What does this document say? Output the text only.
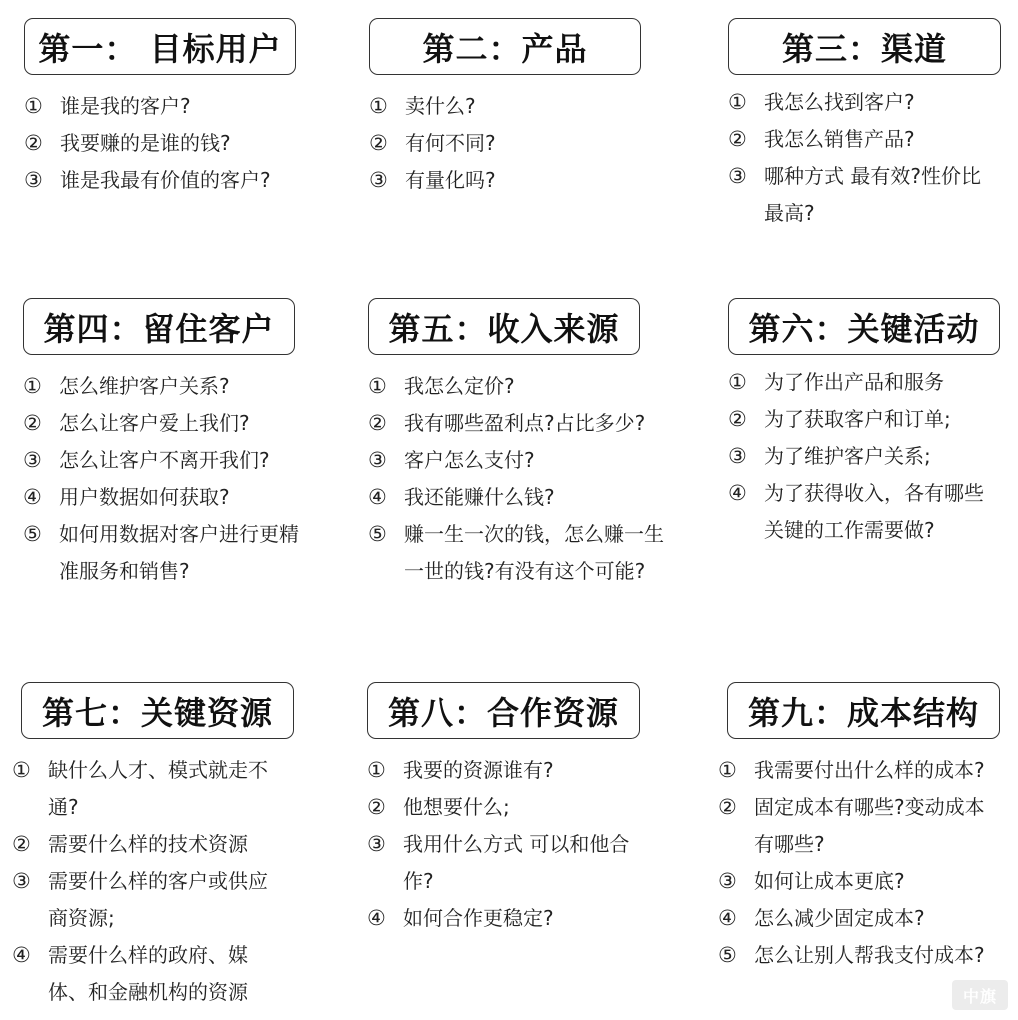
第一： 目标用户
① 谁是我的客户?
② 我要赚的是谁的钱?
③ 谁是我最有价值的客户?
第二：产品
① 卖什么?
② 有何不同?
③ 有量化吗?
第三：渠道
① 我怎么找到客户?
② 我怎么销售产品?
③ 哪种方式 最有效?性价比最高?
第四：留住客户
① 怎么维护客户关系?
② 怎么让客户爱上我们?
③ 怎么让客户不离开我们?
④ 用户数据如何获取?
⑤ 如何用数据对客户进行更精准服务和销售?
第五：收入来源
① 我怎么定价?
② 我有哪些盈利点?占比多少?
③ 客户怎么支付?
④ 我还能赚什么钱?
⑤ 赚一生一次的钱，怎么赚一生一世的钱?有没有这个可能?
第六：关键活动
① 为了作出产品和服务
② 为了获取客户和订单;
③ 为了维护客户关系;
④ 为了获得收入，各有哪些关键的工作需要做?
第七：关键资源
① 缺什么人才、模式就走不通?
② 需要什么样的技术资源
③ 需要什么样的客户或供应商资源;
④ 需要什么样的政府、媒体、和金融机构的资源
第八：合作资源
① 我要的资源谁有?
② 他想要什么;
③ 我用什么方式 可以和他合作?
④ 如何合作更稳定?
第九：成本结构
① 我需要付出什么样的成本?
② 固定成本有哪些?变动成本有哪些?
③ 如何让成本更底?
④ 怎么减少固定成本?
⑤ 怎么让别人帮我支付成本?
中旗
